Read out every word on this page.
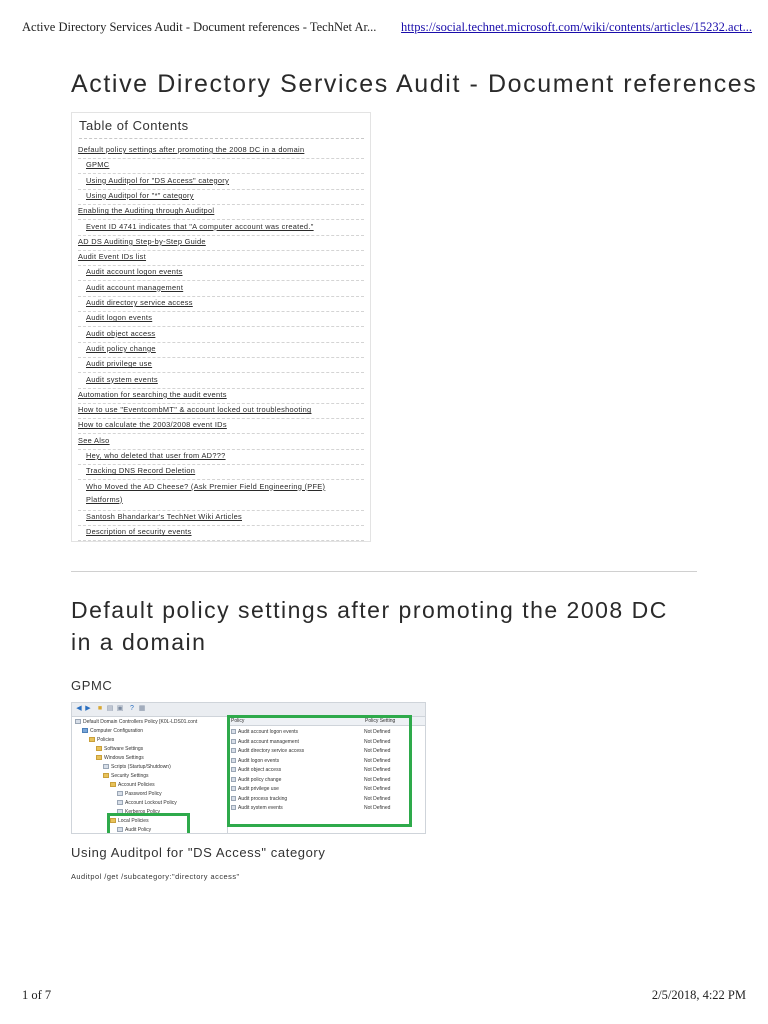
Active Directory Services Audit - Document references - TechNet Ar... https://social.technet.microsoft.com/wiki/contents/articles/15232.act...
Active Directory Services Audit - Document references
Table of Contents
Default policy settings after promoting the 2008 DC in a domain
GPMC
Using Auditpol for "DS Access" category
Using Auditpol for "*" category
Enabling the Auditing through Auditpol
Event ID 4741 indicates that "A computer account was created."
AD DS Auditing Step-by-Step Guide
Audit Event IDs list
Audit account logon events
Audit account management
Audit directory service access
Audit logon events
Audit object access
Audit policy change
Audit privilege use
Audit system events
Automation for searching the audit events
How to use "EventcombMT" & account locked out troubleshooting
How to calculate the 2003/2008 event IDs
See Also
Hey, who deleted that user from AD???
Tracking DNS Record Deletion
Who Moved the AD Cheese? (Ask Premier Field Engineering (PFE) Platforms)
Santosh Bhandarkar's TechNet Wiki Articles
Description of security events
Default policy settings after promoting the 2008 DC in a domain
GPMC
◀ ▶ ■ ▤ ▣ ? ▦
Default Domain Controllers Policy [K0L-LDS01.cont
Computer Configuration
Policies
Software Settings
Windows Settings
Scripts (Startup/Shutdown)
Security Settings
Account Policies
Password Policy
Account Lockout Policy
Kerberos Policy
Local Policies
Audit Policy
Policy	Policy Setting
Audit account logon events	Not Defined
Audit account management	Not Defined
Audit directory service access	Not Defined
Audit logon events	Not Defined
Audit object access	Not Defined
Audit policy change	Not Defined
Audit privilege use	Not Defined
Audit process tracking	Not Defined
Audit system events	Not Defined
Using Auditpol for "DS Access" category
Auditpol /get /subcategory:"directory access"
1 of 7	2/5/2018, 4:22 PM
